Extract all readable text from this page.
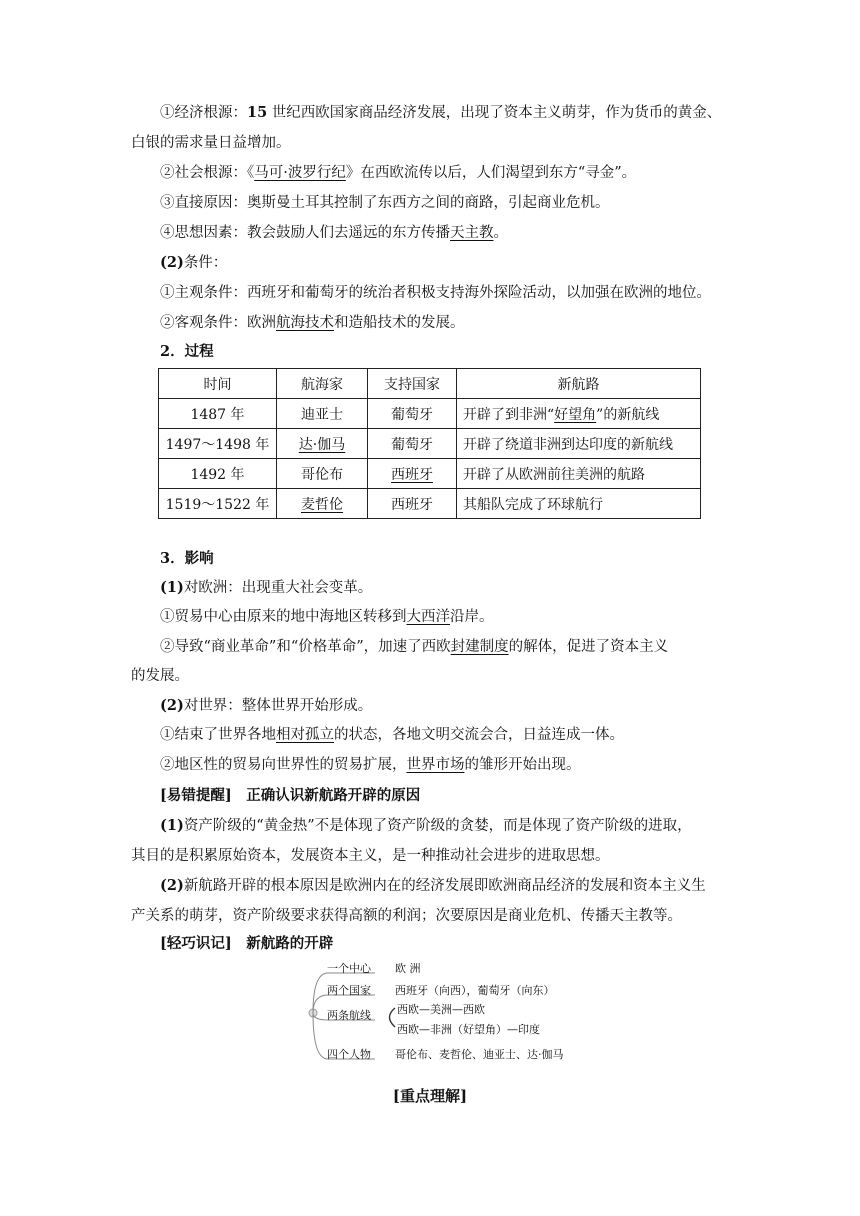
①经济根源：15 世纪西欧国家商品经济发展，出现了资本主义萌芽，作为货币的黄金、
白银的需求量日益增加。
②社会根源：《马可·波罗行纪》在西欧流传以后，人们渴望到东方“寻金”。
③直接原因：奥斯曼土耳其控制了东西方之间的商路，引起商业危机。
④思想因素：教会鼓励人们去遥远的东方传播天主教。
(2)条件：
①主观条件：西班牙和葡萄牙的统治者积极支持海外探险活动，以加强在欧洲的地位。
②客观条件：欧洲航海技术和造船技术的发展。
2．过程
时间	航海家	支持国家	新航路
1487 年	迪亚士	葡萄牙	开辟了到非洲“好望角”的新航线
1497～1498 年	达·伽马	葡萄牙	开辟了绕道非洲到达印度的新航线
1492 年	哥伦布	西班牙	开辟了从欧洲前往美洲的航路
1519～1522 年	麦哲伦	西班牙	其船队完成了环球航行
3．影响
(1)对欧洲：出现重大社会变革。
①贸易中心由原来的地中海地区转移到大西洋沿岸。
②导致“商业革命”和“价格革命”，加速了西欧封建制度的解体，促进了资本主义
的发展。
(2)对世界：整体世界开始形成。
①结束了世界各地相对孤立的状态，各地文明交流会合，日益连成一体。
②地区性的贸易向世界性的贸易扩展，世界市场的雏形开始出现。
[易错提醒]　正确认识新航路开辟的原因
(1)资产阶级的“黄金热”不是体现了资产阶级的贪婪，而是体现了资产阶级的进取，
其目的是积累原始资本，发展资本主义，是一种推动社会进步的进取思想。
(2)新航路开辟的根本原因是欧洲内在的经济发展即欧洲商品经济的发展和资本主义生
产关系的萌芽，资产阶级要求获得高额的利润；次要原因是商业危机、传播天主教等。
[轻巧识记]　新航路的开辟
一个中心 欧 洲
两个国家 西班牙（向西），葡萄牙（向东）
两条航线 西欧—美洲—西欧
西欧—非洲（好望角）—印度
四个人物 哥伦布、麦哲伦、迪亚士、达·伽马
[重点理解]
